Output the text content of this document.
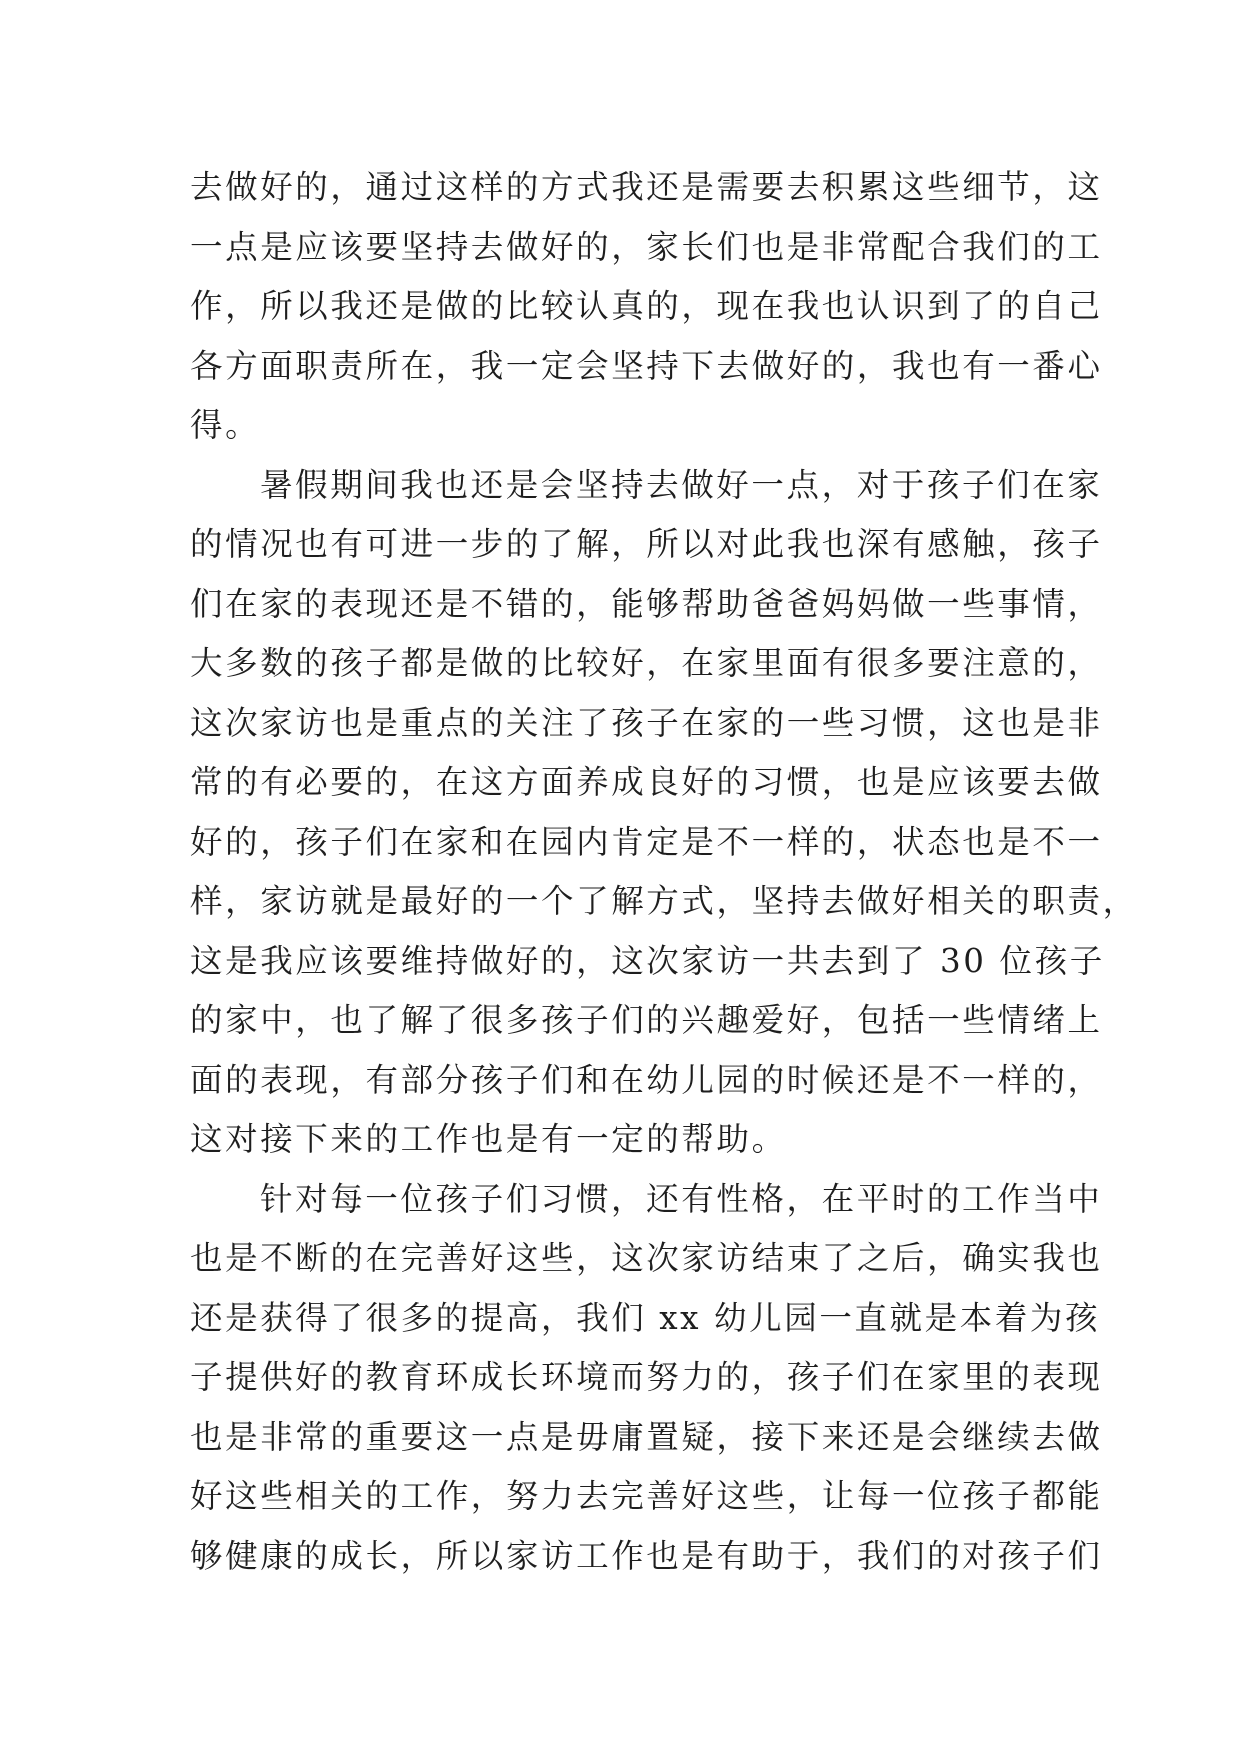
去做好的，通过这样的方式我还是需要去积累这些细节，这
一点是应该要坚持去做好的，家长们也是非常配合我们的工
作，所以我还是做的比较认真的，现在我也认识到了的自己
各方面职责所在，我一定会坚持下去做好的，我也有一番心
得。
暑假期间我也还是会坚持去做好一点，对于孩子们在家
的情况也有可进一步的了解，所以对此我也深有感触，孩子
们在家的表现还是不错的，能够帮助爸爸妈妈做一些事情，
大多数的孩子都是做的比较好，在家里面有很多要注意的，
这次家访也是重点的关注了孩子在家的一些习惯，这也是非
常的有必要的，在这方面养成良好的习惯，也是应该要去做
好的，孩子们在家和在园内肯定是不一样的，状态也是不一
样，家访就是最好的一个了解方式，坚持去做好相关的职责，
这是我应该要维持做好的，这次家访一共去到了 30 位孩子
的家中，也了解了很多孩子们的兴趣爱好，包括一些情绪上
面的表现，有部分孩子们和在幼儿园的时候还是不一样的，
这对接下来的工作也是有一定的帮助。
针对每一位孩子们习惯，还有性格，在平时的工作当中
也是不断的在完善好这些，这次家访结束了之后，确实我也
还是获得了很多的提高，我们 xx 幼儿园一直就是本着为孩
子提供好的教育环成长环境而努力的，孩子们在家里的表现
也是非常的重要这一点是毋庸置疑，接下来还是会继续去做
好这些相关的工作，努力去完善好这些，让每一位孩子都能
够健康的成长，所以家访工作也是有助于，我们的对孩子们
